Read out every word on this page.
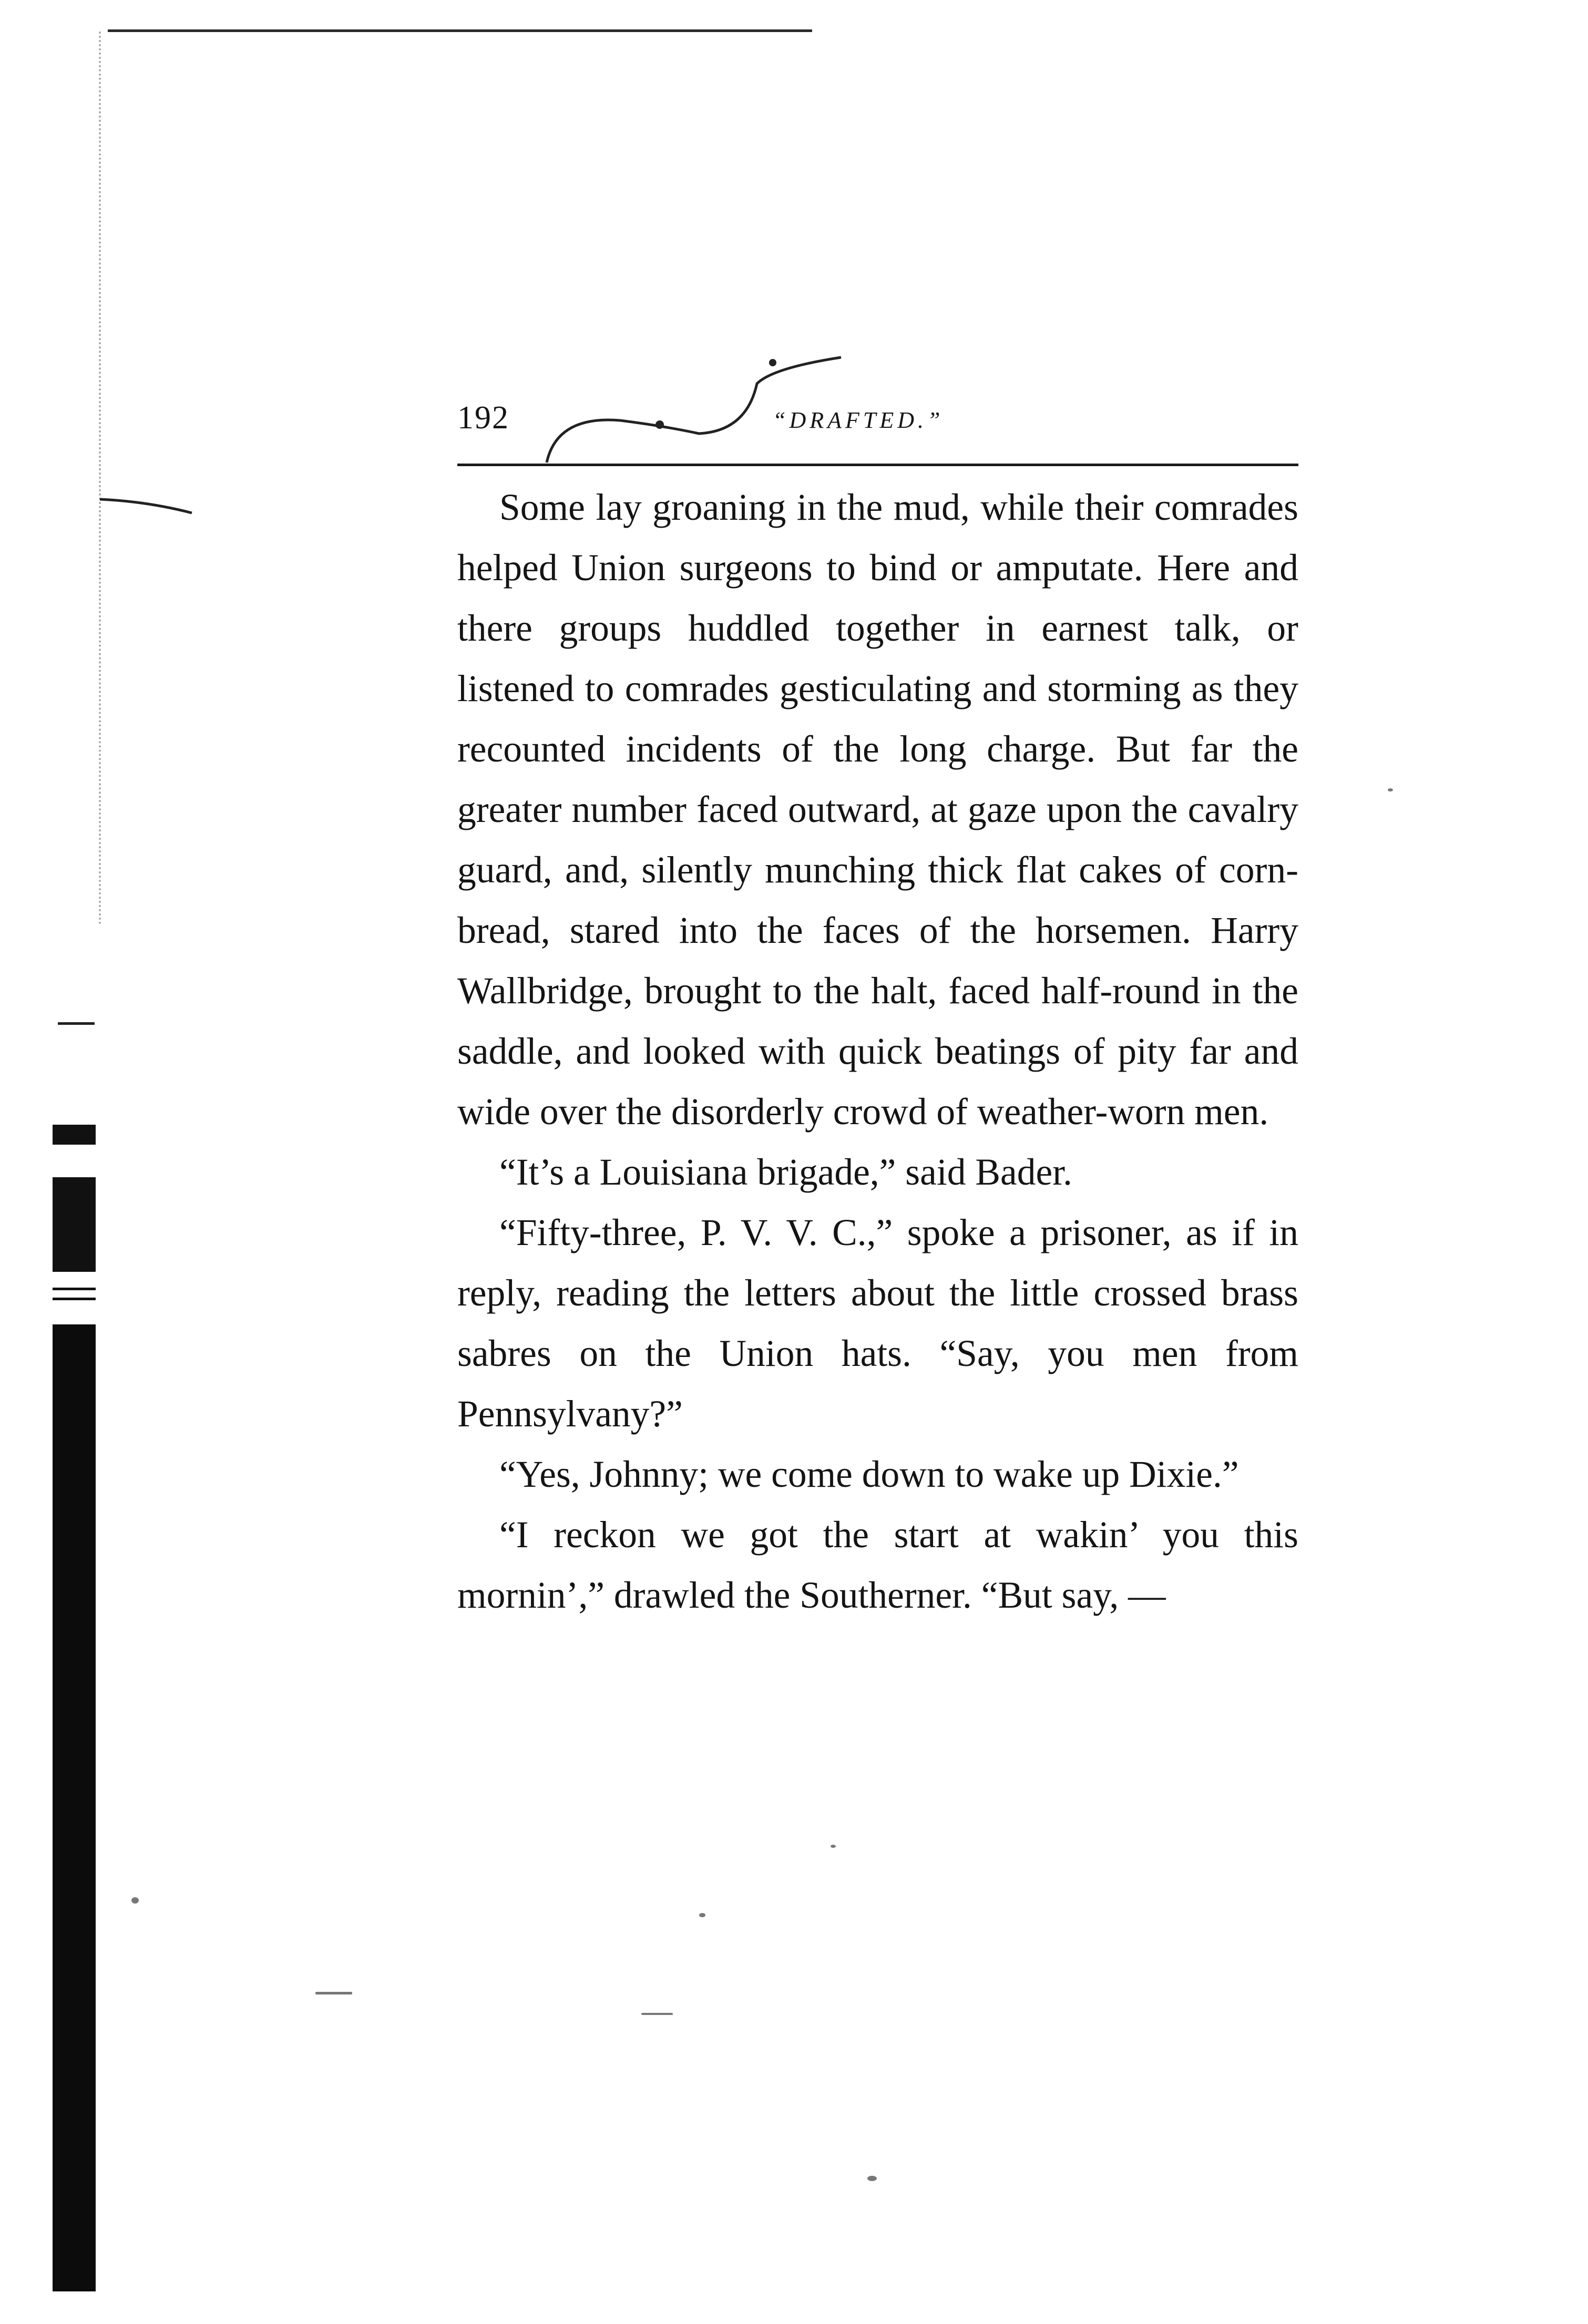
192	“DRAFTED.”

Some lay groaning in the mud, while their comrades helped Union surgeons to bind or amputate. Here and there groups huddled together in earnest talk, or listened to comrades gesticulating and storming as they recounted incidents of the long charge. But far the greater number faced outward, at gaze upon the cavalry guard, and, silently munching thick flat cakes of corn-bread, stared into the faces of the horsemen. Harry Wallbridge, brought to the halt, faced half-round in the saddle, and looked with quick beatings of pity far and wide over the disorderly crowd of weather-worn men.

“It’s a Louisiana brigade,” said Bader.

“Fifty-three, P. V. V. C.,” spoke a prisoner, as if in reply, reading the letters about the little crossed brass sabres on the Union hats. “Say, you men from Pennsylvany?”

“Yes, Johnny; we come down to wake up Dixie.”

“I reckon we got the start at wakin’ you this mornin’,” drawled the Southerner. “But say, —
